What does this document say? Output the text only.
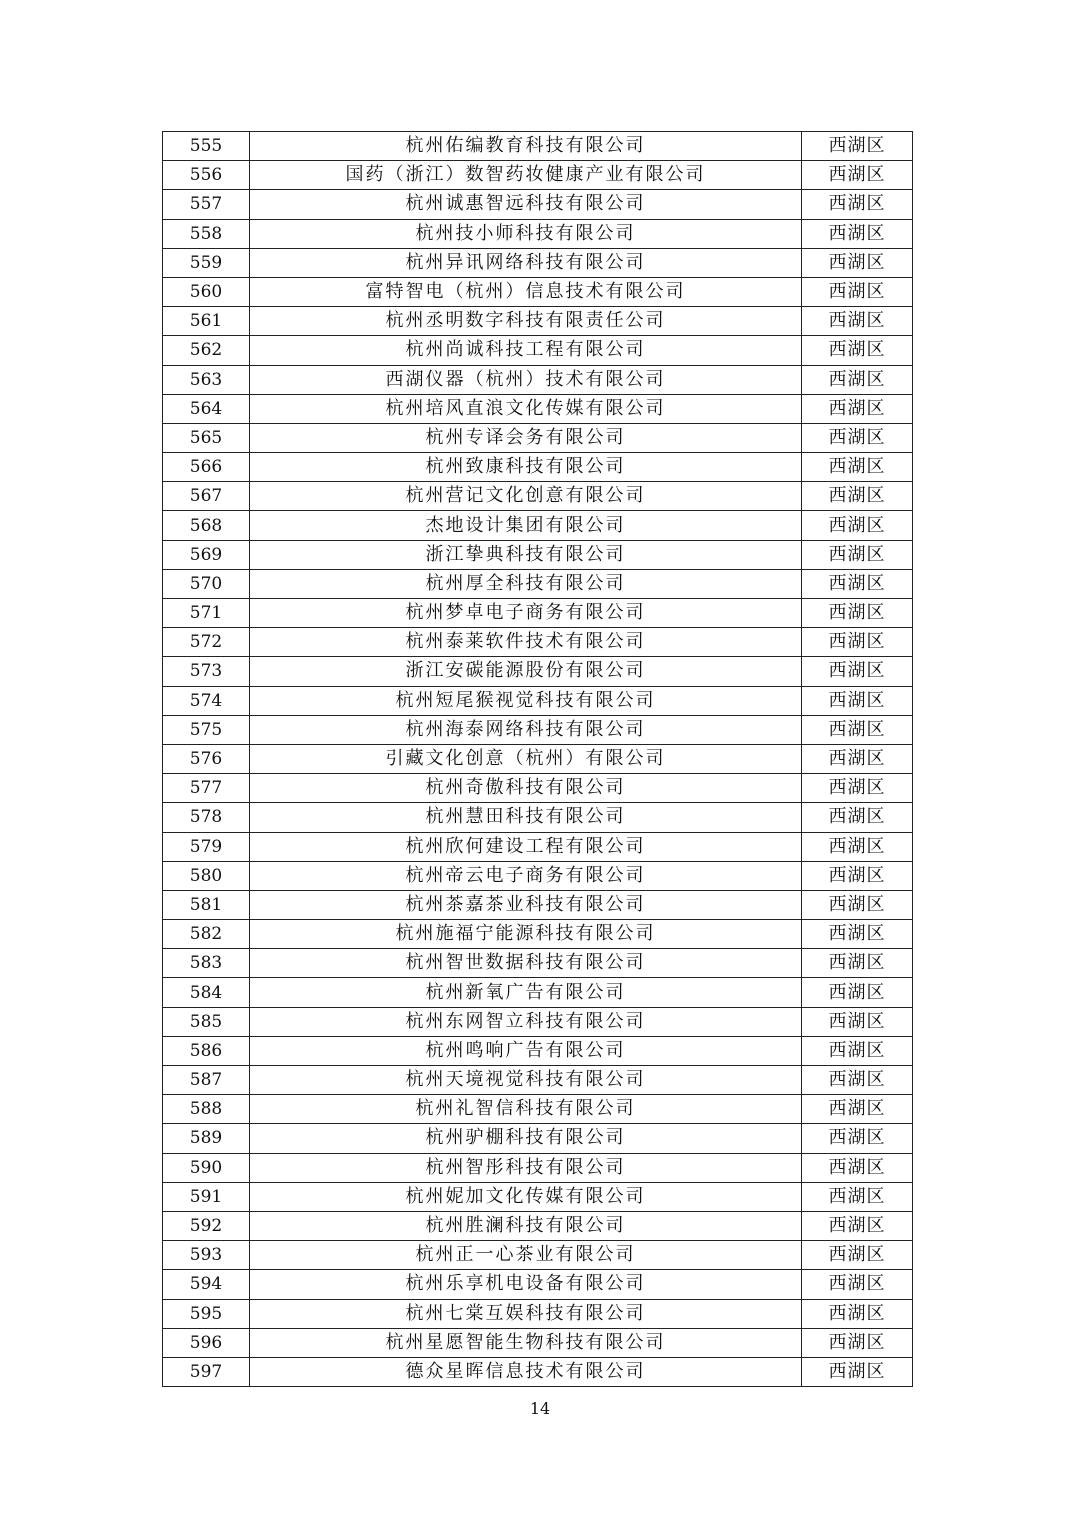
555	杭州佑编教育科技有限公司	西湖区
556	国药（浙江）数智药妆健康产业有限公司	西湖区
557	杭州诚惠智远科技有限公司	西湖区
558	杭州技小师科技有限公司	西湖区
559	杭州异讯网络科技有限公司	西湖区
560	富特智电（杭州）信息技术有限公司	西湖区
561	杭州丞明数字科技有限责任公司	西湖区
562	杭州尚诚科技工程有限公司	西湖区
563	西湖仪器（杭州）技术有限公司	西湖区
564	杭州培风直浪文化传媒有限公司	西湖区
565	杭州专译会务有限公司	西湖区
566	杭州致康科技有限公司	西湖区
567	杭州营记文化创意有限公司	西湖区
568	杰地设计集团有限公司	西湖区
569	浙江挚典科技有限公司	西湖区
570	杭州厚全科技有限公司	西湖区
571	杭州梦卓电子商务有限公司	西湖区
572	杭州泰莱软件技术有限公司	西湖区
573	浙江安碳能源股份有限公司	西湖区
574	杭州短尾猴视觉科技有限公司	西湖区
575	杭州海泰网络科技有限公司	西湖区
576	引藏文化创意（杭州）有限公司	西湖区
577	杭州奇傲科技有限公司	西湖区
578	杭州慧田科技有限公司	西湖区
579	杭州欣何建设工程有限公司	西湖区
580	杭州帝云电子商务有限公司	西湖区
581	杭州茶嘉茶业科技有限公司	西湖区
582	杭州施福宁能源科技有限公司	西湖区
583	杭州智世数据科技有限公司	西湖区
584	杭州新氧广告有限公司	西湖区
585	杭州东网智立科技有限公司	西湖区
586	杭州鸣响广告有限公司	西湖区
587	杭州天境视觉科技有限公司	西湖区
588	杭州礼智信科技有限公司	西湖区
589	杭州驴棚科技有限公司	西湖区
590	杭州智彤科技有限公司	西湖区
591	杭州妮加文化传媒有限公司	西湖区
592	杭州胜澜科技有限公司	西湖区
593	杭州正一心茶业有限公司	西湖区
594	杭州乐享机电设备有限公司	西湖区
595	杭州七棠互娱科技有限公司	西湖区
596	杭州星愿智能生物科技有限公司	西湖区
597	德众星晖信息技术有限公司	西湖区
14
